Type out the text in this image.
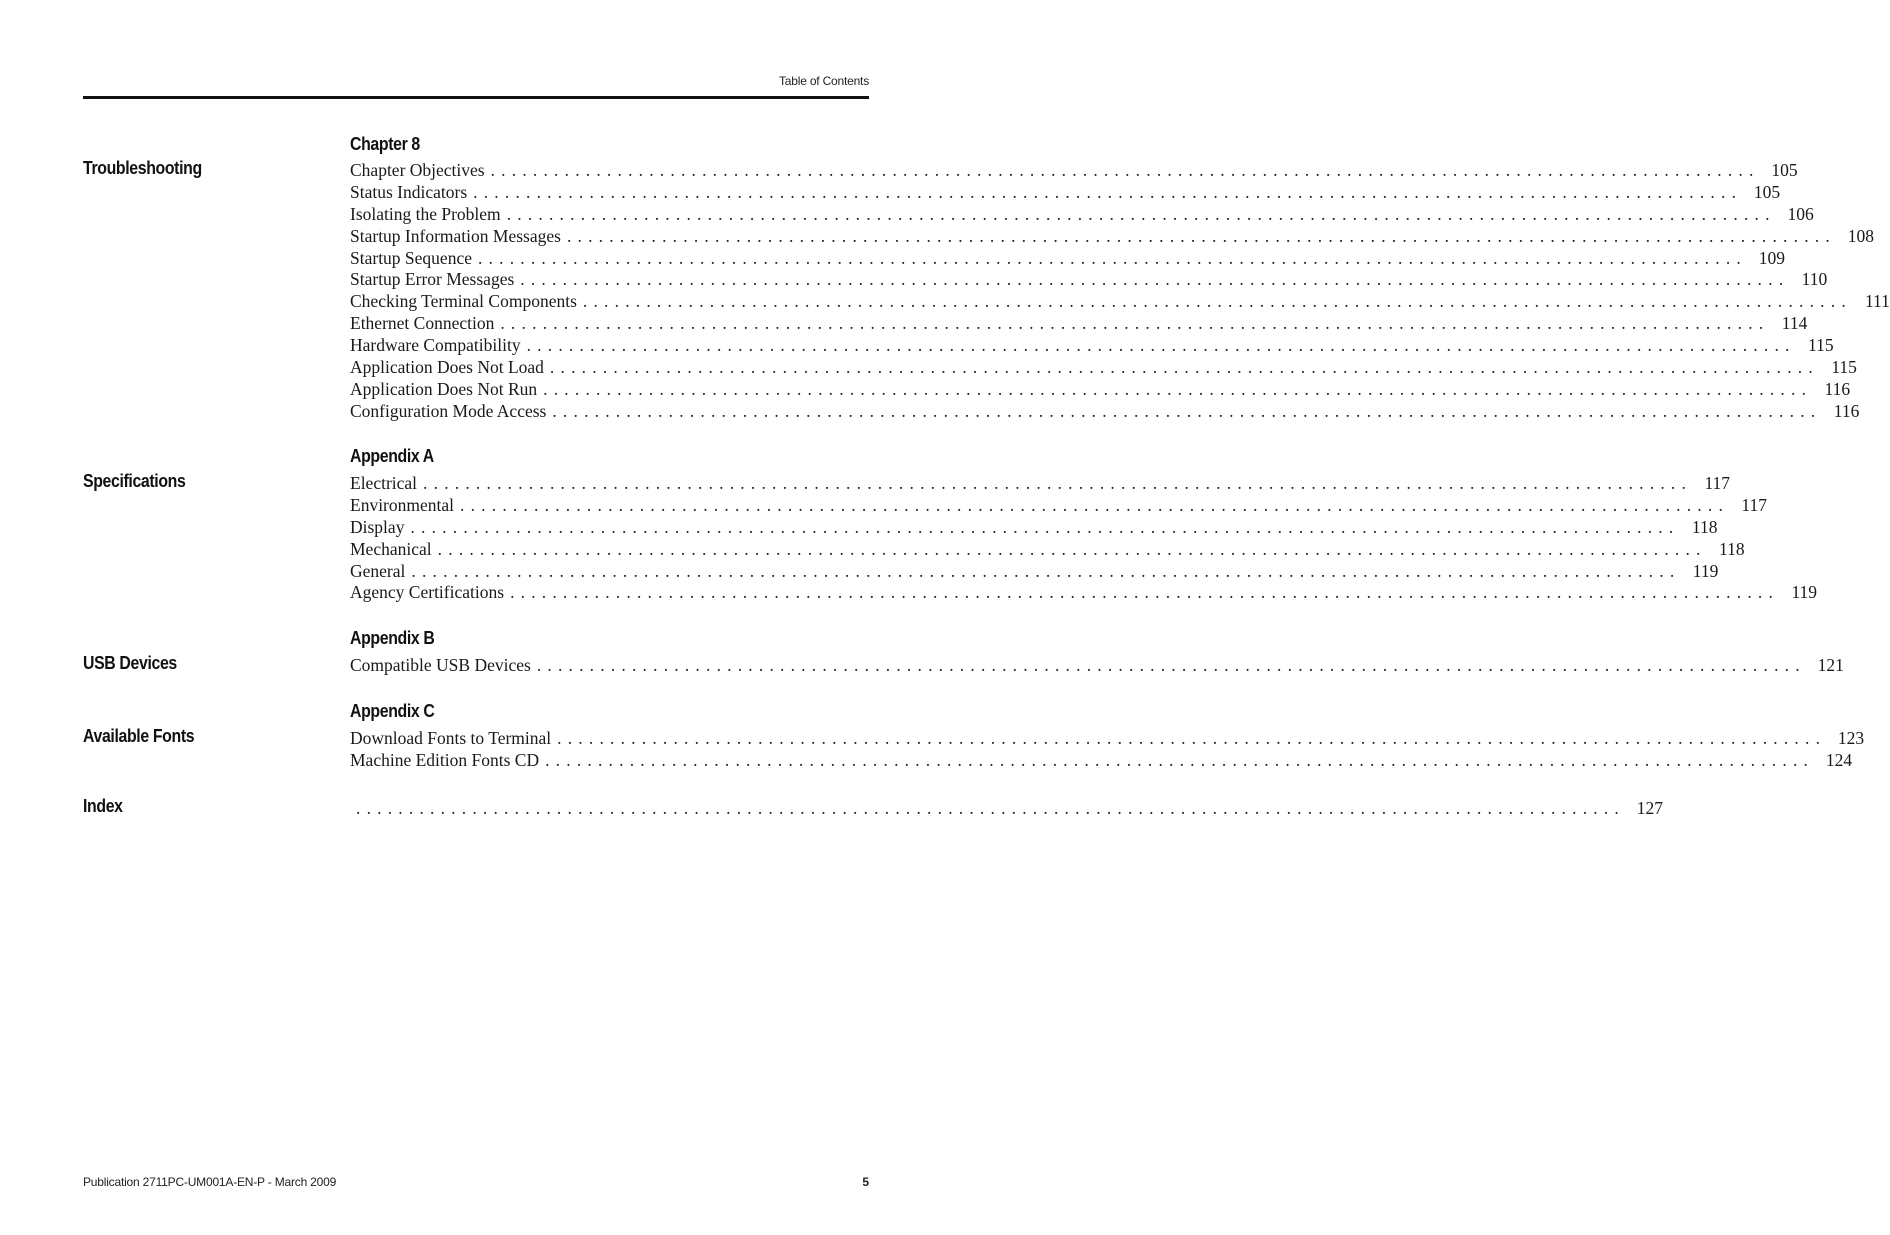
Table of Contents
Chapter 8
Troubleshooting	Chapter Objectives ........................................................................................................................ 105
Status Indicators ........................................................................................................................ 105
Isolating the Problem ........................................................................................................................ 106
Startup Information Messages ........................................................................................................................ 108
Startup Sequence ........................................................................................................................ 109
Startup Error Messages ........................................................................................................................ 110
Checking Terminal Components ........................................................................................................................ 111
Ethernet Connection ........................................................................................................................ 114
Hardware Compatibility ........................................................................................................................ 115
Application Does Not Load ........................................................................................................................ 115
Application Does Not Run ........................................................................................................................ 116
Configuration Mode Access ........................................................................................................................ 116
Appendix A
Specifications	Electrical ........................................................................................................................ 117
Environmental ........................................................................................................................ 117
Display ........................................................................................................................ 118
Mechanical ........................................................................................................................ 118
General ........................................................................................................................ 119
Agency Certifications ........................................................................................................................ 119
Appendix B
USB Devices	Compatible USB Devices ........................................................................................................................ 121
Appendix C
Available Fonts	Download Fonts to Terminal ........................................................................................................................ 123
Machine Edition Fonts CD ........................................................................................................................ 124
Index	........................................................................................................................ 127
Publication 2711PC-UM001A-EN-P - March 2009	5
